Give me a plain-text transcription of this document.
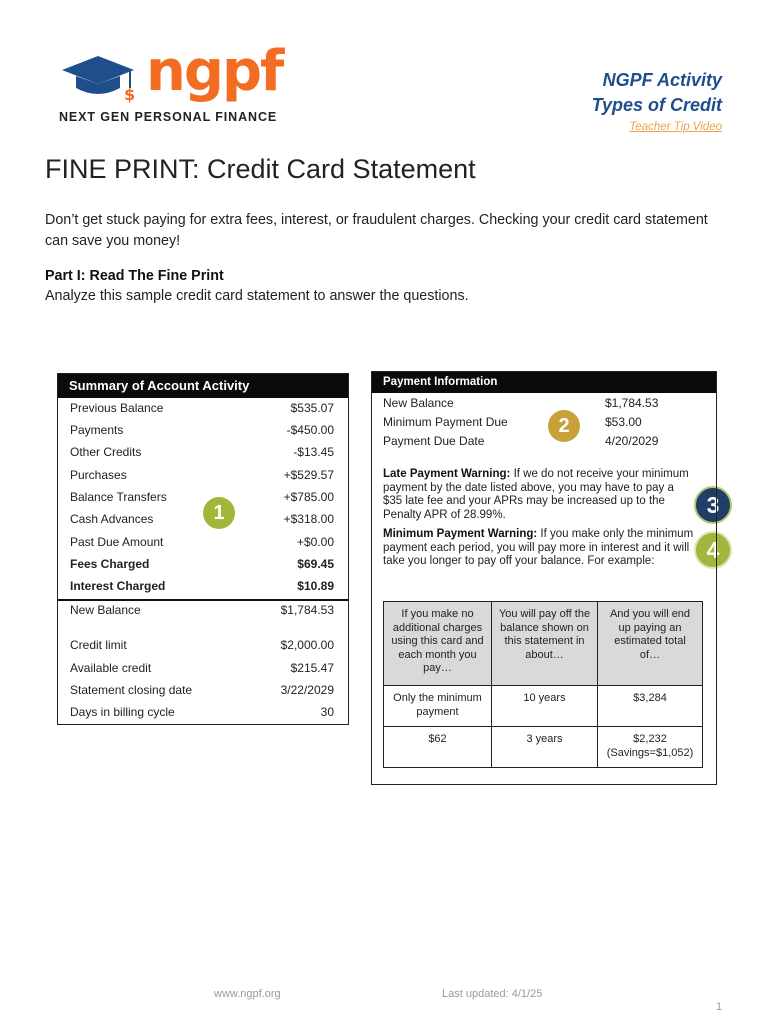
$ ngpf
NEXT GEN PERSONAL FINANCE
NGPF Activity
Types of Credit
Teacher Tip Video
FINE PRINT: Credit Card Statement
Don’t get stuck paying for extra fees, interest, or fraudulent charges. Checking your credit card statement can save you money!
Part I: Read The Fine Print
Analyze this sample credit card statement to answer the questions.
Summary of Account Activity
Previous Balance	$535.07
Payments	-$450.00
Other Credits	-$13.45
Purchases	+$529.57
Balance Transfers	+$785.00
Cash Advances	+$318.00
Past Due Amount	+$0.00
Fees Charged	$69.45
Interest Charged	$10.89
New Balance	$1,784.53
Credit limit	$2,000.00
Available credit	$215.47
Statement closing date	3/22/2029
Days in billing cycle	30
1
2
3
4
Payment Information
New Balance	$1,784.53
Minimum Payment Due	$53.00
Payment Due Date	4/20/2029
Late Payment Warning: If we do not receive your minimum payment by the date listed above, you may have to pay a $35 late fee and your APRs may be increased up to the Penalty APR of 28.99%.
Minimum Payment Warning: If you make only the minimum payment each period, you will pay more in interest and it will take you longer to pay off your balance. For example:
If you make no additional charges using this card and each month you pay…	You will pay off the balance shown on this statement in about…	And you will end up paying an estimated total of…
Only the minimum payment	10 years	$3,284
$62	3 years	$2,232
(Savings=$1,052)
www.ngpf.org	Last updated: 4/1/25
1
